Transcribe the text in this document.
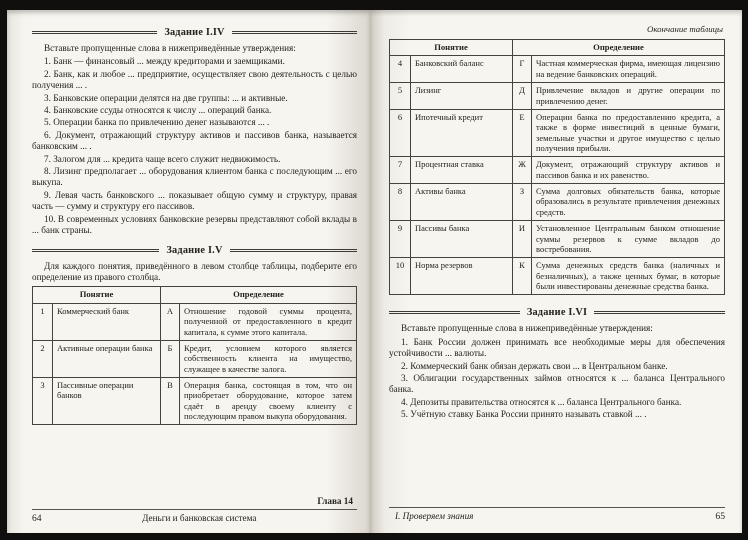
Задание I.IV

Вставьте пропущенные слова в нижеприведённые утверждения:

1. Банк — финансовый ... между кредиторами и заемщиками.

2. Банк, как и любое ... предприятие, осуществляет свою деятельность с целью получения ... .

3. Банковские операции делятся на две группы: ... и активные.

4. Банковские ссуды относятся к числу ... операций банка.

5. Операции банка по привлечению денег называются ... .

6. Документ, отражающий структуру активов и пассивов банка, называется банковским ... .

7. Залогом для ... кредита чаще всего служит недвижимость.

8. Лизинг предполагает ... оборудования клиентом банка с последующим ... его выкупа.

9. Левая часть банковского ... показывает общую сумму и структуру, правая часть — сумму и структуру его пассивов.

10. В современных условиях банковские резервы представляют собой вклады в ... банк страны.

Задание I.V

Для каждого понятия, приведённого в левом столбце таблицы, подберите его определение из правого столбца.

Понятие		Определение	
1	Коммерческий банк	А	Отношение годовой суммы процента, полученной от предоставленного в кредит капитала, к сумме этого капитала.
2	Активные операции банка	Б	Кредит, условием которого является собственность клиента на имущество, служащее в качестве залога.
3	Пассивные операции банков	В	Операция банка, состоящая в том, что он приобретает оборудование, которое затем сдаёт в аренду своему клиенту с последующим правом выкупа оборудования.
Глава 14
64	Деньги и банковская система
Окончание таблицы
Понятие		Определение	
4	Банковский баланс	Г	Частная коммерческая фирма, имеющая лицензию на ведение банковских операций.
5	Лизинг	Д	Привлечение вкладов и другие операции по привлечению денег.
6	Ипотечный кредит	Е	Операции банка по предоставлению кредита, а также в форме инвестиций в ценные бумаги, земельные участки и другое имущество с целью получения прибыли.
7	Процентная ставка	Ж	Документ, отражающий структуру активов и пассивов банка и их равенство.
8	Активы банка	З	Сумма долговых обязательств банка, которые образовались в результате привлечения денежных средств.
9	Пассивы банка	И	Установленное Центральным банком отношение суммы резервов к сумме вкладов до востребования.
10	Норма резервов	К	Сумма денежных средств банка (наличных и безналичных), а также ценных бумаг, в которые были инвестированы денежные средства банка.
Задание I.VI

Вставьте пропущенные слова в нижеприведённые утверждения:

1. Банк России должен принимать все необходимые меры для обеспечения устойчивости ... валюты.

2. Коммерческий банк обязан держать свои ... в Центральном банке.

3. Облигации государственных займов относятся к ... баланса Центрального банка.

4. Депозиты правительства относятся к ... баланса Центрального банка.

5. Учётную ставку Банка России принято называть ставкой ... .

I. Проверяем знания	65
